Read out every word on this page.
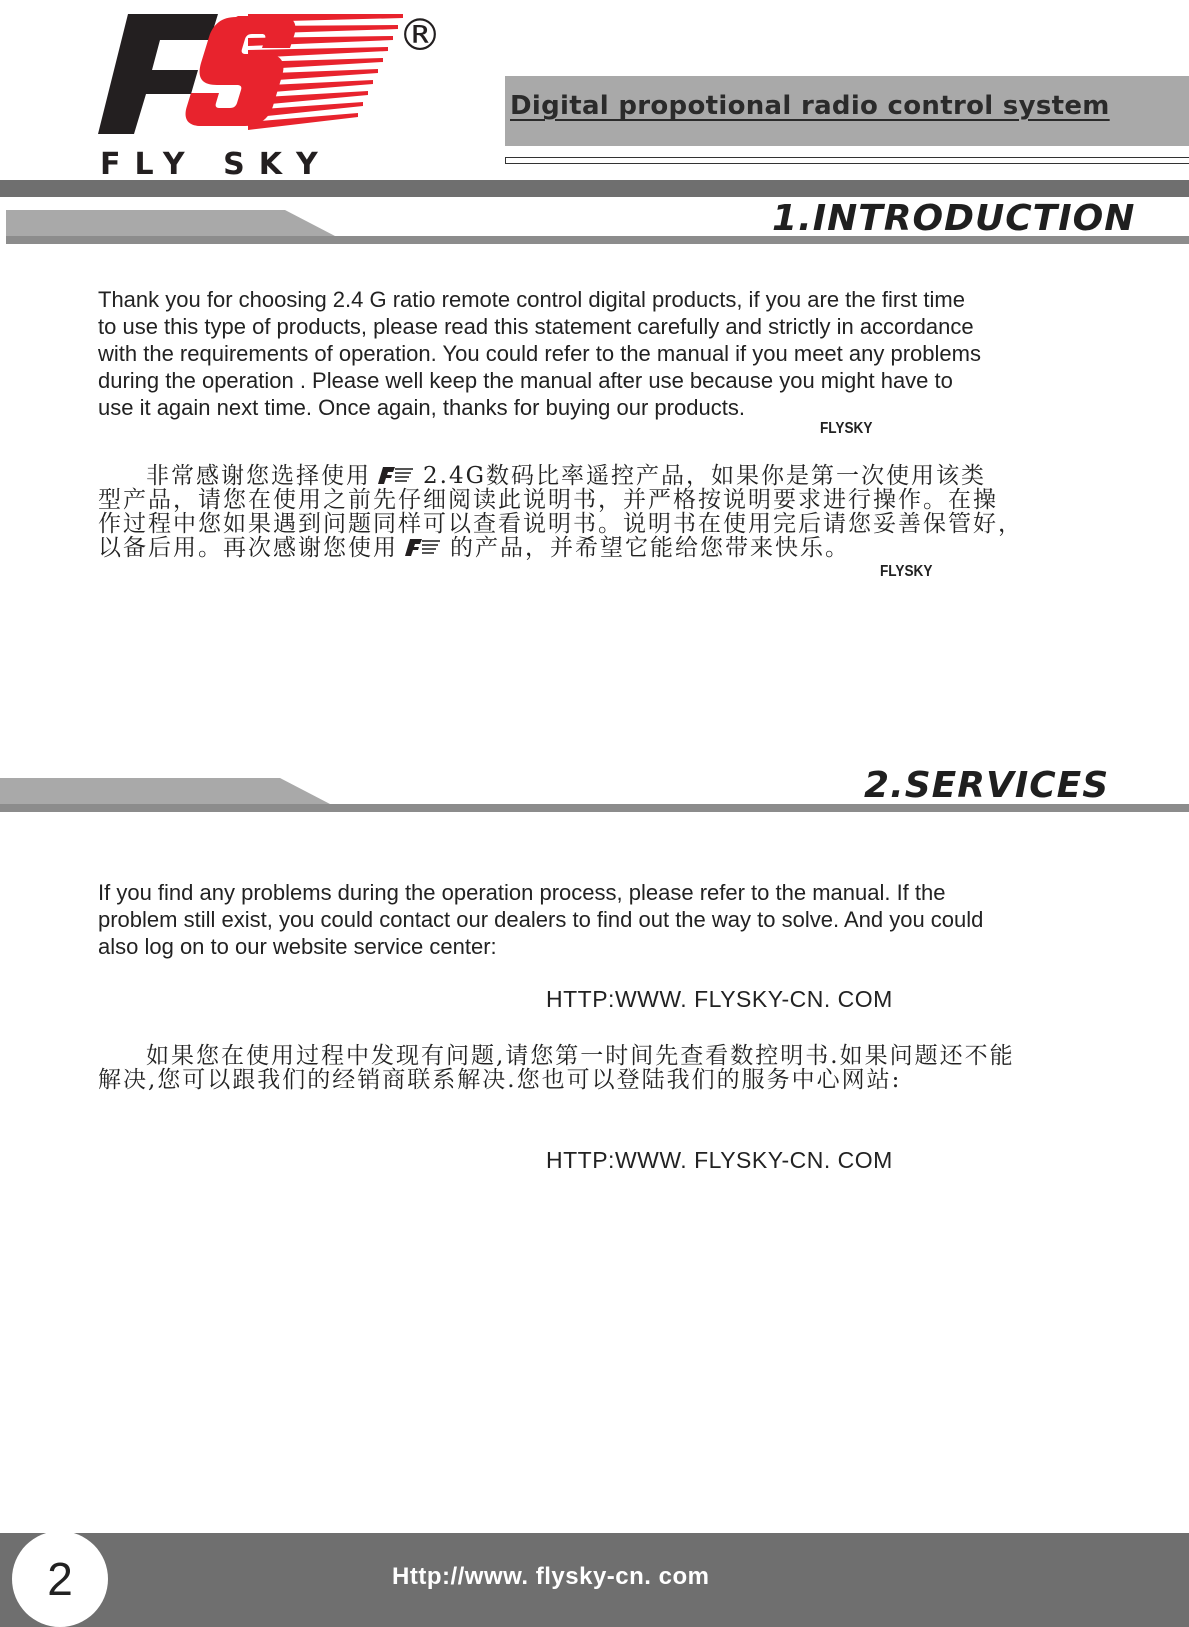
®
FLY SKY
Digital propotional radio control system
1.INTRODUCTION

Thank you for choosing 2.4 G ratio remote control digital products, if you are the first time

to use this type of products, please read this statement carefully and strictly in accordance

with the requirements of operation. You could refer to the manual if you meet any problems

during the operation . Please well keep the manual after use because you might have to

use it again next time. Once again, thanks for buying our products.

FLYSKY
非常感谢您选择使用 2.4G数码比率遥控产品，如果你是第一次使用该类
型产品，请您在使用之前先仔细阅读此说明书，并严格按说明要求进行操作。在操
作过程中您如果遇到问题同样可以查看说明书。说明书在使用完后请您妥善保管好，
以备后用。再次感谢您使用 的产品，并希望它能给您带来快乐。
FLYSKY
2.SERVICES

If you find any problems during the operation process, please refer to the manual. If the

problem still exist, you could contact our dealers to find out the way to solve. And you could

also log on to our website service center:

HTTP:WWW. FLYSKY-CN. COM
如果您在使用过程中发现有问题,请您第一时间先查看数控明书.如果问题还不能
解决,您可以跟我们的经销商联系解决.您也可以登陆我们的服务中心网站:
HTTP:WWW. FLYSKY-CN. COM
2	Http://www. flysky-cn. com
